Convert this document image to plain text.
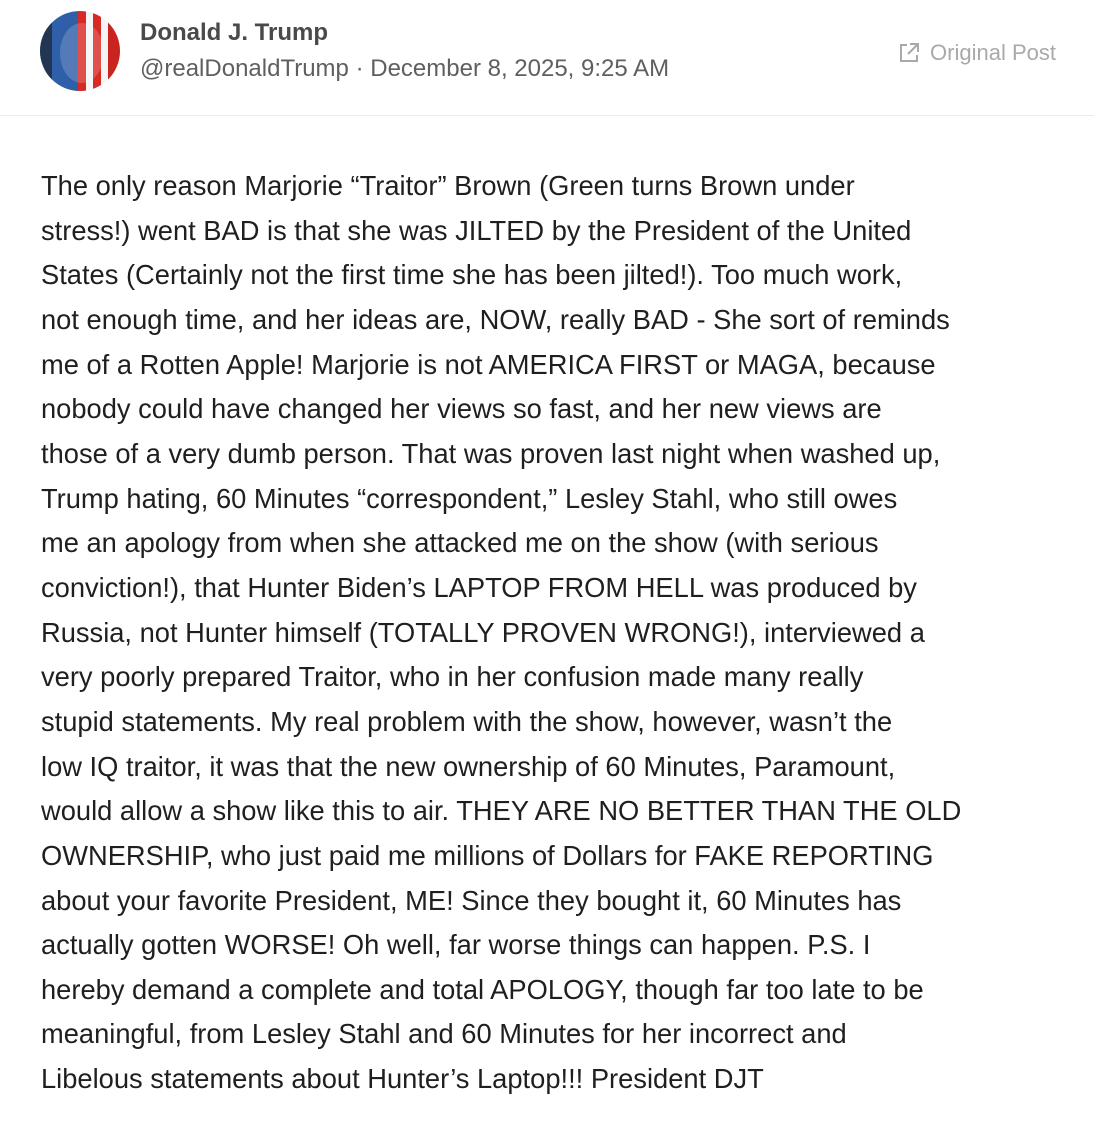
Donald J. Trump
@realDonaldTrump · December 8, 2025, 9:25 AM
Original Post
The only reason Marjorie “Traitor” Brown (Green turns Brown under
stress!) went BAD is that she was JILTED by the President of the United
States (Certainly not the first time she has been jilted!). Too much work,
not enough time, and her ideas are, NOW, really BAD - She sort of reminds
me of a Rotten Apple! Marjorie is not AMERICA FIRST or MAGA, because
nobody could have changed her views so fast, and her new views are
those of a very dumb person. That was proven last night when washed up,
Trump hating, 60 Minutes “correspondent,” Lesley Stahl, who still owes
me an apology from when she attacked me on the show (with serious
conviction!), that Hunter Biden’s LAPTOP FROM HELL was produced by
Russia, not Hunter himself (TOTALLY PROVEN WRONG!), interviewed a
very poorly prepared Traitor, who in her confusion made many really
stupid statements. My real problem with the show, however, wasn’t the
low IQ traitor, it was that the new ownership of 60 Minutes, Paramount,
would allow a show like this to air. THEY ARE NO BETTER THAN THE OLD
OWNERSHIP, who just paid me millions of Dollars for FAKE REPORTING
about your favorite President, ME! Since they bought it, 60 Minutes has
actually gotten WORSE! Oh well, far worse things can happen. P.S. I
hereby demand a complete and total APOLOGY, though far too late to be
meaningful, from Lesley Stahl and 60 Minutes for her incorrect and
Libelous statements about Hunter’s Laptop!!! President DJT
